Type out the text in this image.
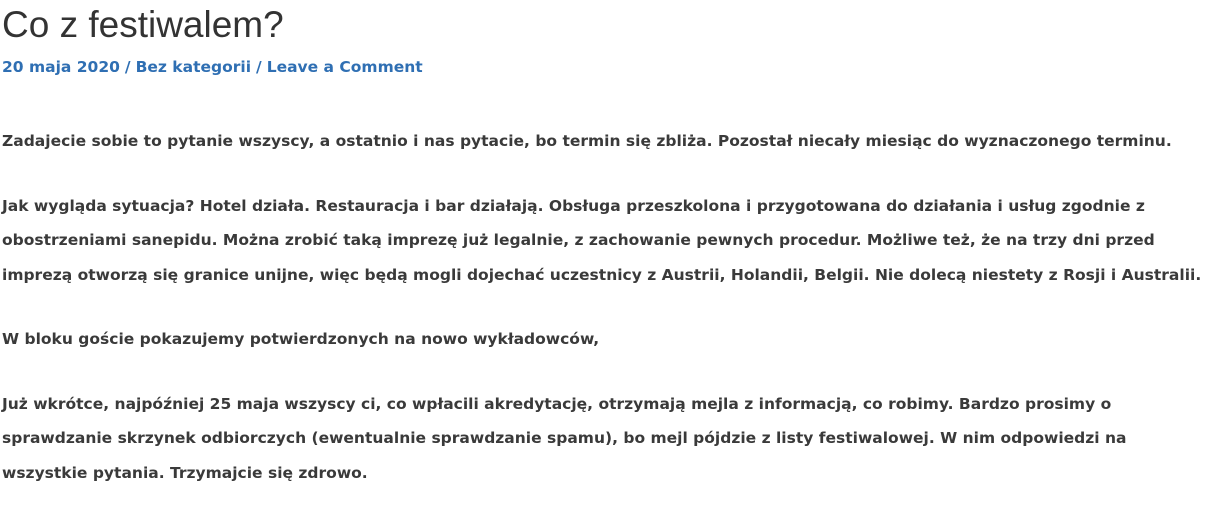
Co z festiwalem?
20 maja 2020 / Bez kategorii / Leave a Comment

Zadajecie sobie to pytanie wszyscy, a ostatnio i nas pytacie, bo termin się zbliża. Pozostał niecały miesiąc do wyznaczonego terminu.

Jak wygląda sytuacja? Hotel działa. Restauracja i bar działają. Obsługa przeszkolona i przygotowana do działania i usług zgodnie z
obostrzeniami sanepidu. Można zrobić taką imprezę już legalnie, z zachowanie pewnych procedur. Możliwe też, że na trzy dni przed
imprezą otworzą się granice unijne, więc będą mogli dojechać uczestnicy z Austrii, Holandii, Belgii. Nie dolecą niestety z Rosji i Australii.

W bloku goście pokazujemy potwierdzonych na nowo wykładowców,

Już wkrótce, najpóźniej 25 maja wszyscy ci, co wpłacili akredytację, otrzymają mejla z informacją, co robimy. Bardzo prosimy o
sprawdzanie skrzynek odbiorczych (ewentualnie sprawdzanie spamu), bo mejl pójdzie z listy festiwalowej. W nim odpowiedzi na
wszystkie pytania. Trzymajcie się zdrowo.
